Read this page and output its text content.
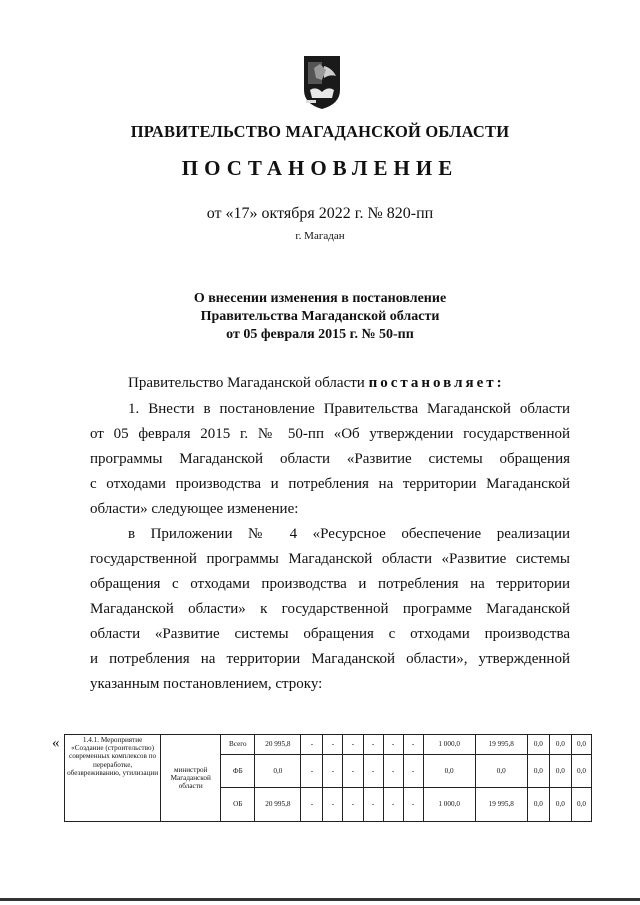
ПРАВИТЕЛЬСТВО МАГАДАНСКОЙ ОБЛАСТИ
ПОСТАНОВЛЕНИЕ
от «17» октября 2022 г. № 820-пп
г. Магадан
О внесении изменения в постановление
Правительства Магаданской области
от 05 февраля 2015 г. № 50-пп
Правительство Магаданской области постановляет:
1. Внести в постановление Правительства Магаданской области
от 05 февраля 2015 г. № 50-пп «Об утверждении государственной
программы Магаданской области «Развитие системы обращения
с отходами производства и потребления на территории Магаданской
области» следующее изменение:
в Приложении № 4 «Ресурсное обеспечение реализации
государственной программы Магаданской области «Развитие системы
обращения с отходами производства и потребления на территории
Магаданской области» к государственной программе Магаданской
области «Развитие системы обращения с отходами производства
и потребления на территории Магаданской области», утвержденной
указанным постановлением, строку:
«	1.4.1. Мероприятие «Создание (строительство) современных комплексов по переработке, обезвреживанию, утилизации	министрой Магаданской области	Всего	20 995,8	-	-	-	-	-	-	1 000,0	19 995,8	0,0	0,0	0,0
		ФБ	0,0	-	-	-	-	-	-	0,0	0,0	0,0	0,0	0,0
		ОБ	20 995,8	-	-	-	-	-	-	1 000,0	19 995,8	0,0	0,0	0,0
